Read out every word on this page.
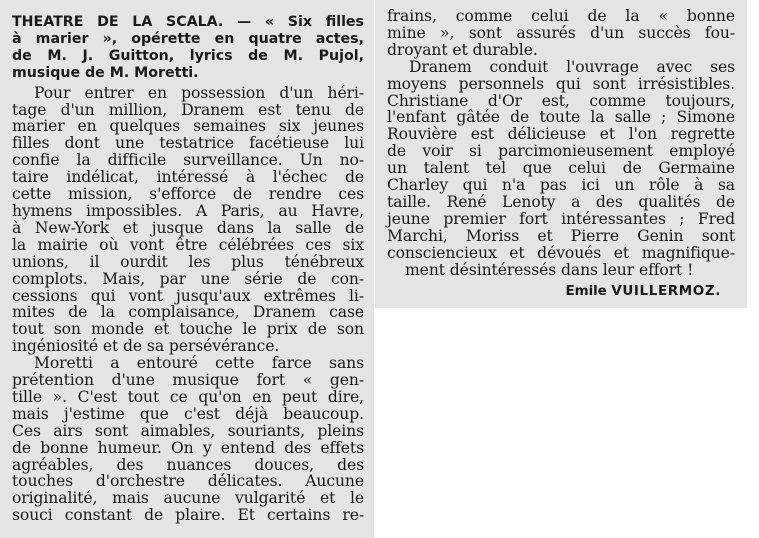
THEATRE DE LA SCALA. — « Six filles
à marier », opérette en quatre actes,
de M. J. Guitton, lyrics de M. Pujol,
musique de M. Moretti.
Pour entrer en possession d'un héri-
tage d'un million, Dranem est tenu de
marier en quelques semaines six jeunes
filles dont une testatrice facétieuse lui
confie la difficile surveillance. Un no-
taire indélicat, intéressé à l'échec de
cette mission, s'efforce de rendre ces
hymens impossibles. A Paris, au Havre,
à New-York et jusque dans la salle de
la mairie où vont être célébrées ces six
unions, il ourdit les plus ténébreux
complots. Mais, par une série de con-
cessions qui vont jusqu'aux extrêmes li-
mites de la complaisance, Dranem case
tout son monde et touche le prix de son
ingéniosité et de sa persévérance.
Moretti a entouré cette farce sans
prétention d'une musique fort « gen-
tille ». C'est tout ce qu'on en peut dire,
mais j'estime que c'est déjà beaucoup.
Ces airs sont aimables, souriants, pleins
de bonne humeur. On y entend des effets
agréables, des nuances douces, des
touches d'orchestre délicates. Aucune
originalité, mais aucune vulgarité et le
souci constant de plaire. Et certains re-
frains, comme celui de la « bonne
mine », sont assurés d'un succès fou-
droyant et durable.
Dranem conduit l'ouvrage avec ses
moyens personnels qui sont irrésistibles.
Christiane d'Or est, comme toujours,
l'enfant gâtée de toute la salle ; Simone
Rouvière est délicieuse et l'on regrette
de voir si parcimonieusement employé
un talent tel que celui de Germaine
Charley qui n'a pas ici un rôle à sa
taille. René Lenoty a des qualités de
jeune premier fort intéressantes ; Fred
Marchi, Moriss et Pierre Genin sont
consciencieux et dévoués et magnifique-
ment désintéressés dans leur effort !
Emile VUILLERMOZ.
